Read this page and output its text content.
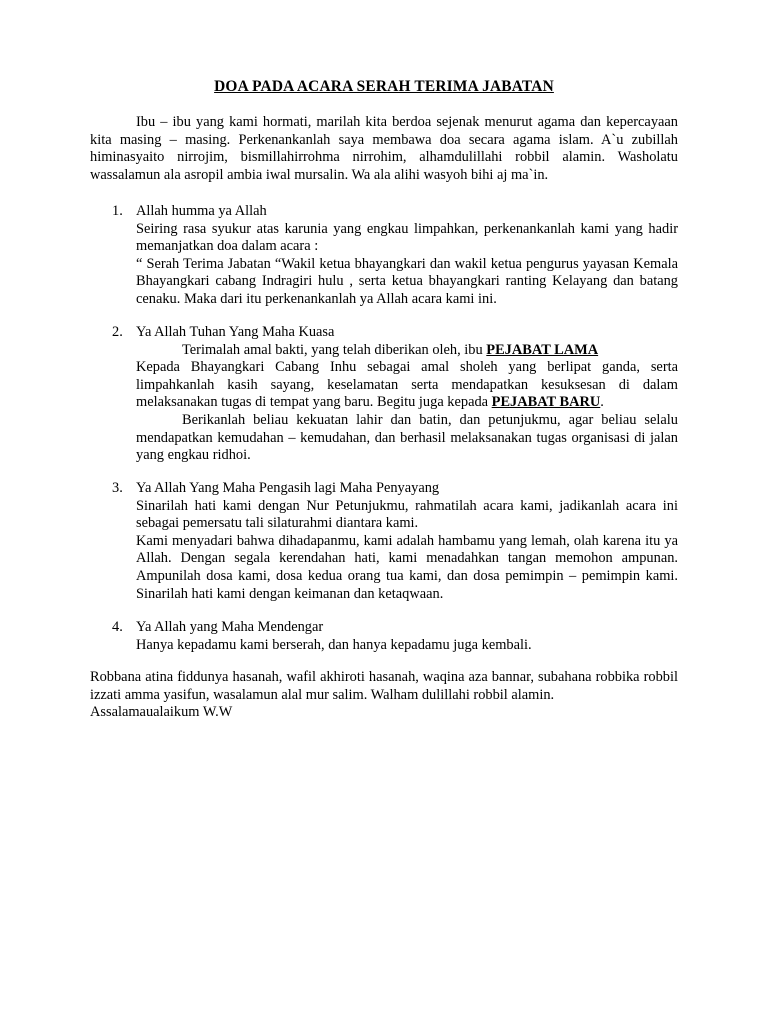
DOA PADA ACARA SERAH TERIMA JABATAN

Ibu – ibu yang kami hormati, marilah kita berdoa sejenak menurut agama dan kepercayaan kita masing – masing. Perkenankanlah saya membawa doa secara agama islam. A`u zubillah himinasyaito nirrojim, bismillahirrohma nirrohim, alhamdulillahi robbil alamin. Washolatu wassalamun ala asropil ambia iwal mursalin. Wa ala alihi wasyoh bihi aj ma`in.

1. Allah humma ya Allah
Seiring rasa syukur atas karunia yang engkau limpahkan, perkenankanlah kami yang hadir memanjatkan doa dalam acara :
“ Serah Terima Jabatan “Wakil ketua bhayangkari dan wakil ketua pengurus yayasan Kemala Bhayangkari cabang Indragiri hulu , serta ketua bhayangkari ranting Kelayang dan batang cenaku. Maka dari itu perkenankanlah ya Allah acara kami ini.
2. Ya Allah Tuhan Yang Maha Kuasa
Terimalah amal bakti, yang telah diberikan oleh, ibu PEJABAT LAMA
Kepada Bhayangkari Cabang Inhu sebagai amal sholeh yang berlipat ganda, serta limpahkanlah kasih sayang, keselamatan serta mendapatkan kesuksesan di dalam melaksanakan tugas di tempat yang baru. Begitu juga kepada PEJABAT BARU.
Berikanlah beliau kekuatan lahir dan batin, dan petunjukmu, agar beliau selalu mendapatkan kemudahan – kemudahan, dan berhasil melaksanakan tugas organisasi di jalan yang engkau ridhoi.
3. Ya Allah Yang Maha Pengasih lagi Maha Penyayang
Sinarilah hati kami dengan Nur Petunjukmu, rahmatilah acara kami, jadikanlah acara ini sebagai pemersatu tali silaturahmi diantara kami.
Kami menyadari bahwa dihadapanmu, kami adalah hambamu yang lemah, olah karena itu ya Allah. Dengan segala kerendahan hati, kami menadahkan tangan memohon ampunan. Ampunilah dosa kami, dosa kedua orang tua kami, dan dosa pemimpin – pemimpin kami. Sinarilah hati kami dengan keimanan dan ketaqwaan.
4. Ya Allah yang Maha Mendengar
Hanya kepadamu kami berserah, dan hanya kepadamu juga kembali.
Robbana atina fiddunya hasanah, wafil akhiroti hasanah, waqina aza bannar, subahana robbika robbil izzati amma yasifun, wasalamun alal mur salim. Walham dulillahi robbil alamin.
Assalamaualaikum W.W
